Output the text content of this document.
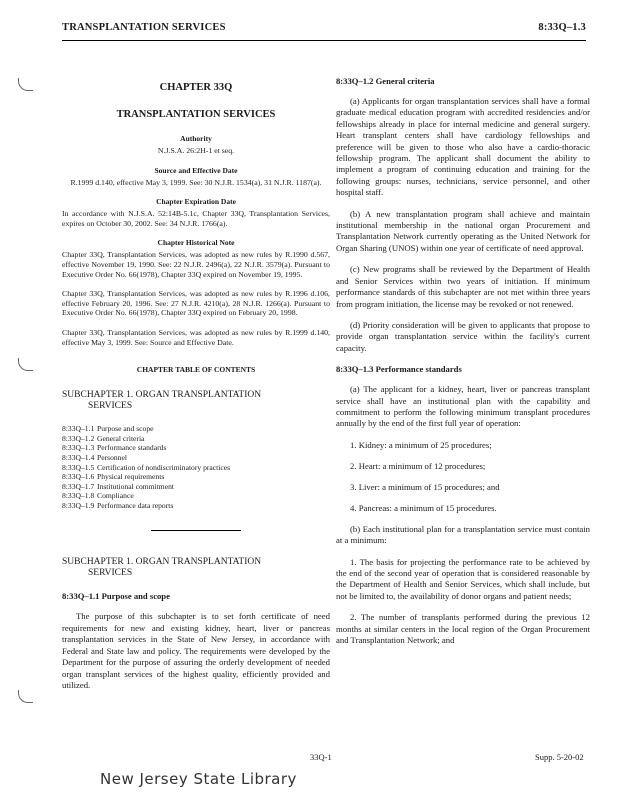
TRANSPLANTATION SERVICES	8:33Q–1.3
CHAPTER 33Q
TRANSPLANTATION SERVICES
Authority
N.J.S.A. 26:2H-1 et seq.
Source and Effective Date
R.1999 d.140, effective May 3, 1999. See: 30 N.J.R. 1534(a), 31 N.J.R. 1187(a).
Chapter Expiration Date
In accordance with N.J.S.A. 52:14B-5.1c, Chapter 33Q, Transplantation Services, expires on October 30, 2002. See: 34 N.J.R. 1766(a).
Chapter Historical Note
Chapter 33Q, Transplantation Services, was adopted as new rules by R.1990 d.567, effective November 19, 1990. See: 22 N.J.R. 2496(a), 22 N.J.R. 3579(a). Pursuant to Executive Order No. 66(1978), Chapter 33Q expired on November 19, 1995.
Chapter 33Q, Transplantation Services, was adopted as new rules by R.1996 d.106, effective February 20, 1996. See: 27 N.J.R. 4210(a), 28 N.J.R. 1266(a). Pursuant to Executive Order No. 66(1978), Chapter 33Q expired on February 20, 1998.
Chapter 33Q, Transplantation Services, was adopted as new rules by R.1999 d.140, effective May 3, 1999. See: Source and Effective Date.
CHAPTER TABLE OF CONTENTS
SUBCHAPTER 1. ORGAN TRANSPLANTATION
SERVICES
8:33Q–1.1 Purpose and scope
8:33Q–1.2 General criteria
8:33Q–1.3 Performance standards
8:33Q–1.4 Personnel
8:33Q–1.5 Certification of nondiscriminatory practices
8:33Q–1.6 Physical requirements
8:33Q–1.7 Institutional commitment
8:33Q–1.8 Compliance
8:33Q–1.9 Performance data reports
SUBCHAPTER 1. ORGAN TRANSPLANTATION
SERVICES
8:33Q–1.1 Purpose and scope
The purpose of this subchapter is to set forth certificate of need requirements for new and existing kidney, heart, liver or pancreas transplantation services in the State of New Jersey, in accordance with Federal and State law and policy. The requirements were developed by the Department for the purpose of assuring the orderly development of needed organ transplant services of the highest quality, efficiently provided and utilized.
8:33Q–1.2 General criteria
(a) Applicants for organ transplantation services shall have a formal graduate medical education program with accredited residencies and/or fellowships already in place for internal medicine and general surgery. Heart transplant centers shall have cardiology fellowships and preference will be given to those who also have a cardio-thoracic fellowship program. The applicant shall document the ability to implement a program of continuing education and training for the following groups: nurses, technicians, service personnel, and other hospital staff.
(b) A new transplantation program shall achieve and maintain institutional membership in the national organ Procurement and Transplantation Network currently operating as the United Network for Organ Sharing (UNOS) within one year of certificate of need approval.
(c) New programs shall be reviewed by the Department of Health and Senior Services within two years of initiation. If minimum performance standards of this subchapter are not met within three years from program initiation, the license may be revoked or not renewed.
(d) Priority consideration will be given to applicants that propose to provide organ transplantation service within the facility's current capacity.
8:33Q–1.3 Performance standards
(a) The applicant for a kidney, heart, liver or pancreas transplant service shall have an institutional plan with the capability and commitment to perform the following minimum transplant procedures annually by the end of the first full year of operation:
1. Kidney: a minimum of 25 procedures;
2. Heart: a minimum of 12 procedures;
3. Liver: a minimum of 15 procedures; and
4. Pancreas: a minimum of 15 procedures.
(b) Each institutional plan for a transplantation service must contain at a minimum:
1. The basis for projecting the performance rate to be achieved by the end of the second year of operation that is considered reasonable by the Department of Health and Senior Services, which shall include, but not be limited to, the availability of donor organs and patient needs;
2. The number of transplants performed during the previous 12 months at similar centers in the local region of the Organ Procurement and Transplantation Network; and
33Q-1	Supp. 5-20-02
New Jersey State Library
